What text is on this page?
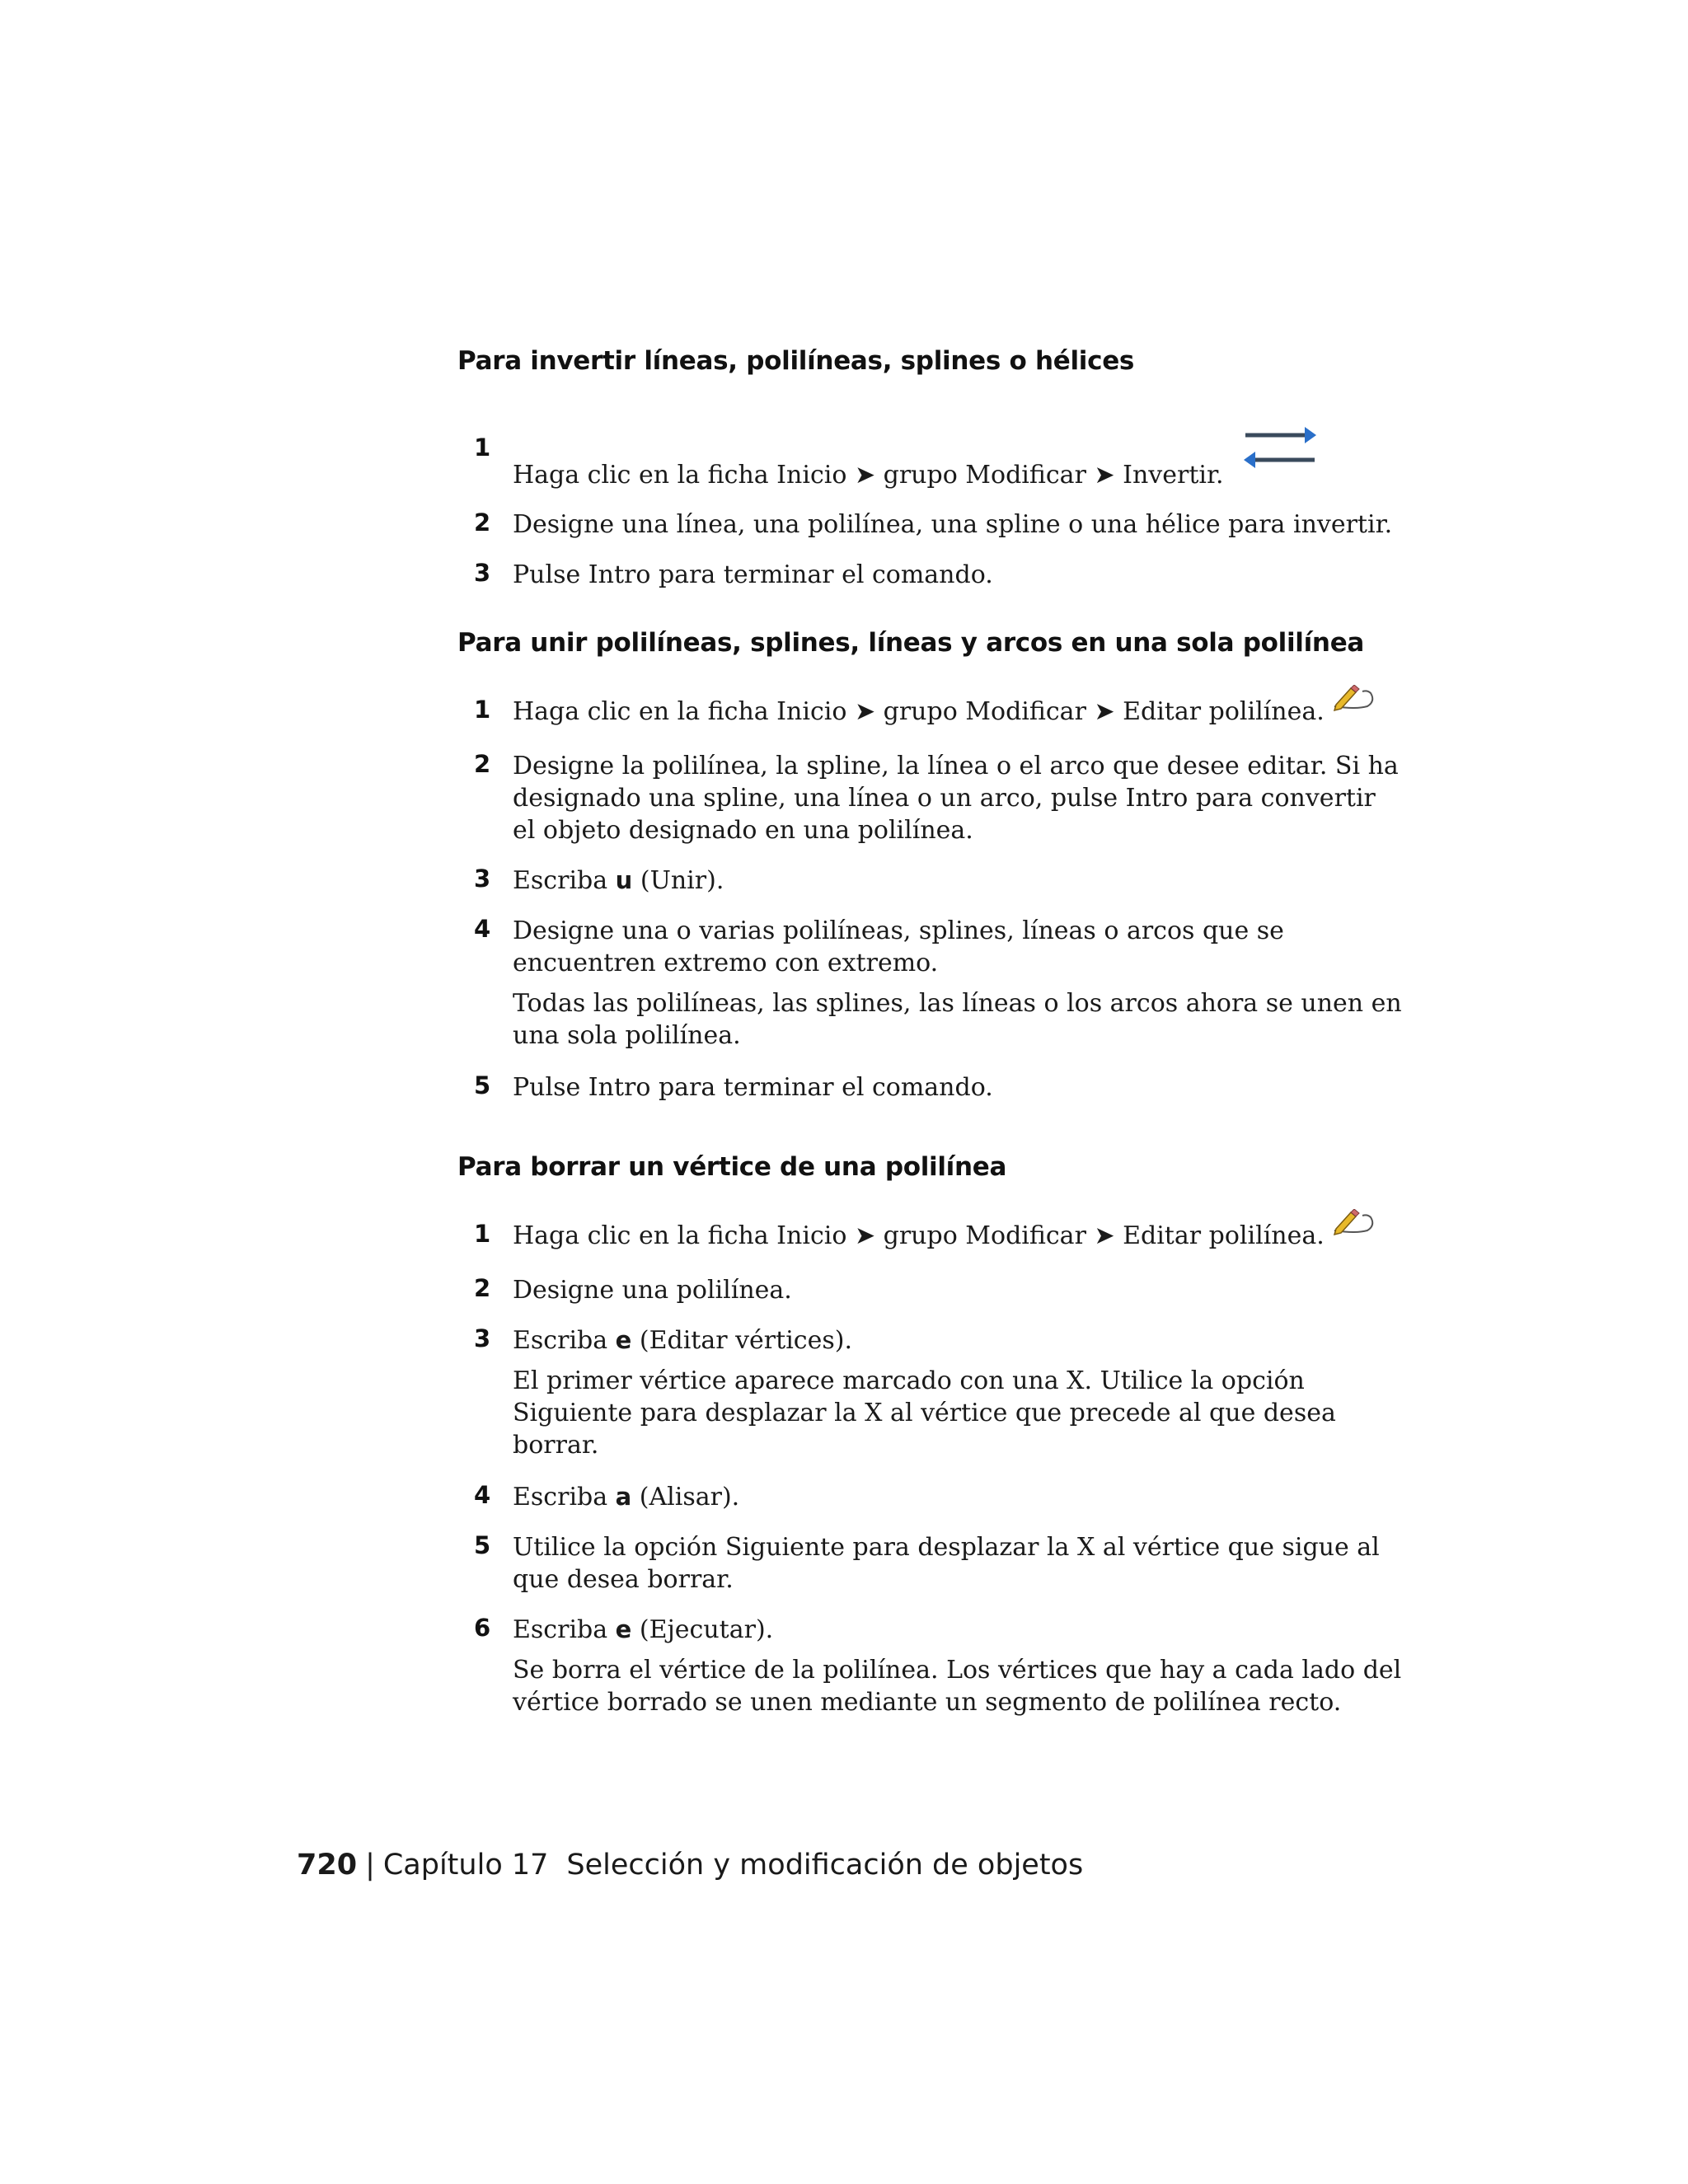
Para invertir líneas, polilíneas, splines o hélices
1

Haga clic en la ficha Inicio ➤ grupo Modificar ➤ Invertir.

2 Designe una línea, una polilínea, una spline o una hélice para invertir.

3 Pulse Intro para terminar el comando.

Para unir polilíneas, splines, líneas y arcos en una sola polilínea
1 Haga clic en la ficha Inicio ➤ grupo Modificar ➤ Editar polilínea.

2 Designe la polilínea, la spline, la línea o el arco que desee editar. Si ha designado una spline, una línea o un arco, pulse Intro para convertir el objeto designado en una polilínea.

3 Escriba u (Unir).

4 Designe una o varias polilíneas, splines, líneas o arcos que se encuentren extremo con extremo.

Todas las polilíneas, las splines, las líneas o los arcos ahora se unen en una sola polilínea.

5 Pulse Intro para terminar el comando.

Para borrar un vértice de una polilínea
1 Haga clic en la ficha Inicio ➤ grupo Modificar ➤ Editar polilínea.

2 Designe una polilínea.

3 Escriba e (Editar vértices).

El primer vértice aparece marcado con una X. Utilice la opción Siguiente para desplazar la X al vértice que precede al que desea borrar.

4 Escriba a (Alisar).

5 Utilice la opción Siguiente para desplazar la X al vértice que sigue al que desea borrar.

6 Escriba e (Ejecutar).

Se borra el vértice de la polilínea. Los vértices que hay a cada lado del vértice borrado se unen mediante un segmento de polilínea recto.

720 | Capítulo 17 Selección y modificación de objetos
